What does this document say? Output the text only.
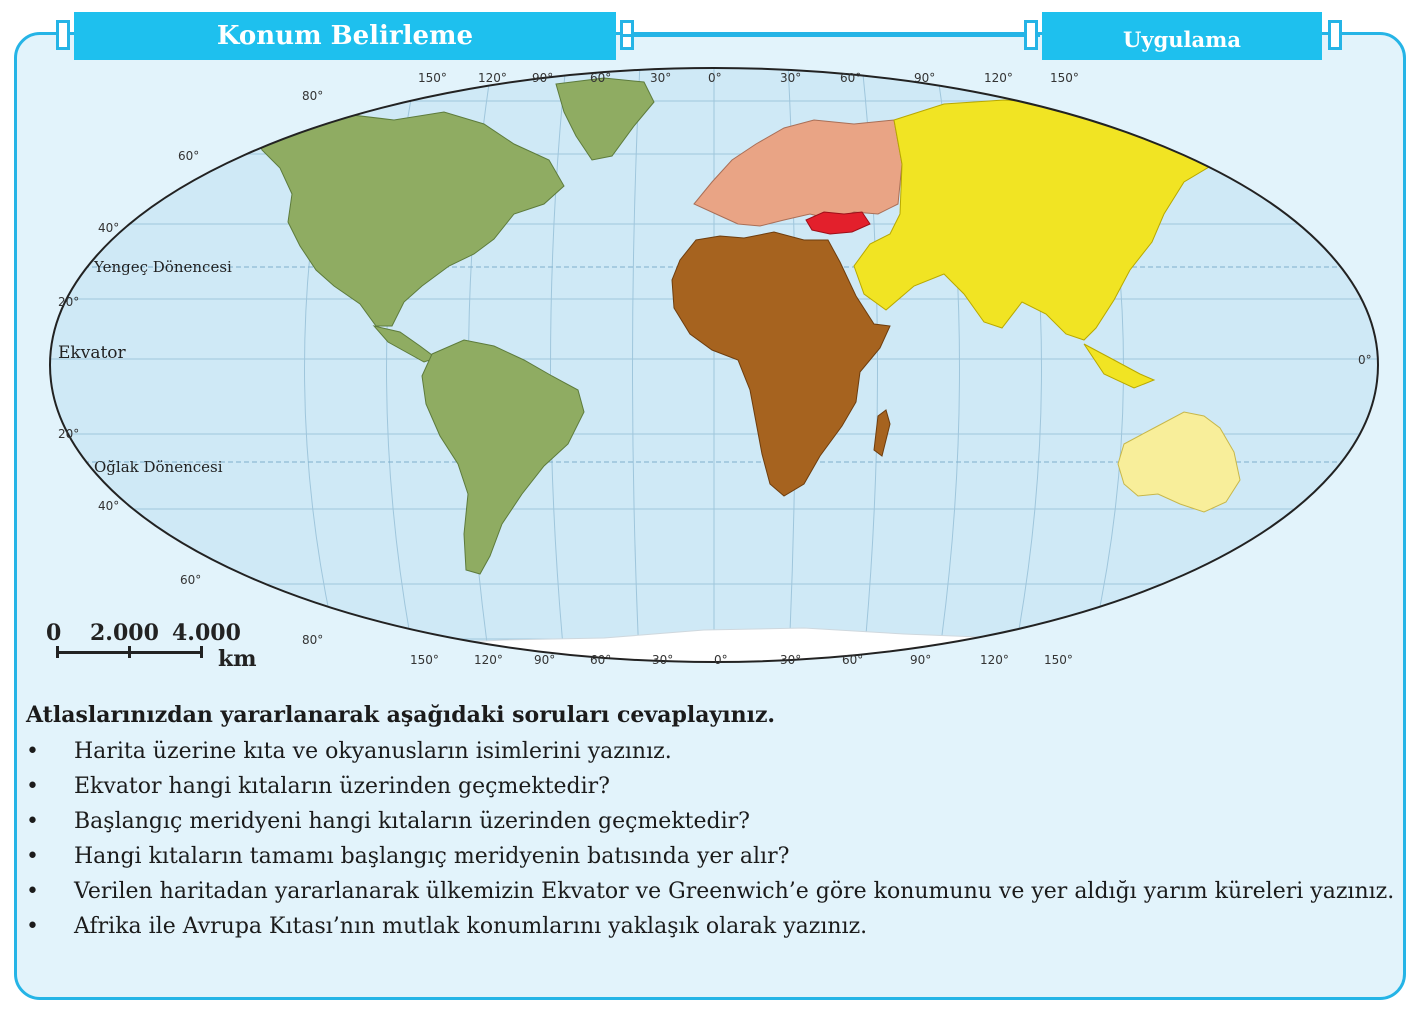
Konum Belirleme	Uygulama
150°	120° 90°	60°	30°	0°	30°	60°	90°	120°	150°
150°	120°	90°	60°	30°	0°	30°	60°	90°	120°	150°
80°
60°
40°
20°
20°
40°
60°
80°
0°
Yengeç Dönencesi
Ekvator
Oğlak Dönencesi
0 2.000 4.000
km
Atlaslarınızdan yararlanarak aşağıdaki soruları cevaplayınız.
• Harita üzerine kıta ve okyanusların isimlerini yazınız.
• Ekvator hangi kıtaların üzerinden geçmektedir?
• Başlangıç meridyeni hangi kıtaların üzerinden geçmektedir?
• Hangi kıtaların tamamı başlangıç meridyenin batısında yer alır?
• Verilen haritadan yararlanarak ülkemizin Ekvator ve Greenwich’e göre konumunu ve yer aldığı yarım küreleri yazınız.
• Afrika ile Avrupa Kıtası’nın mutlak konumlarını yaklaşık olarak yazınız.
